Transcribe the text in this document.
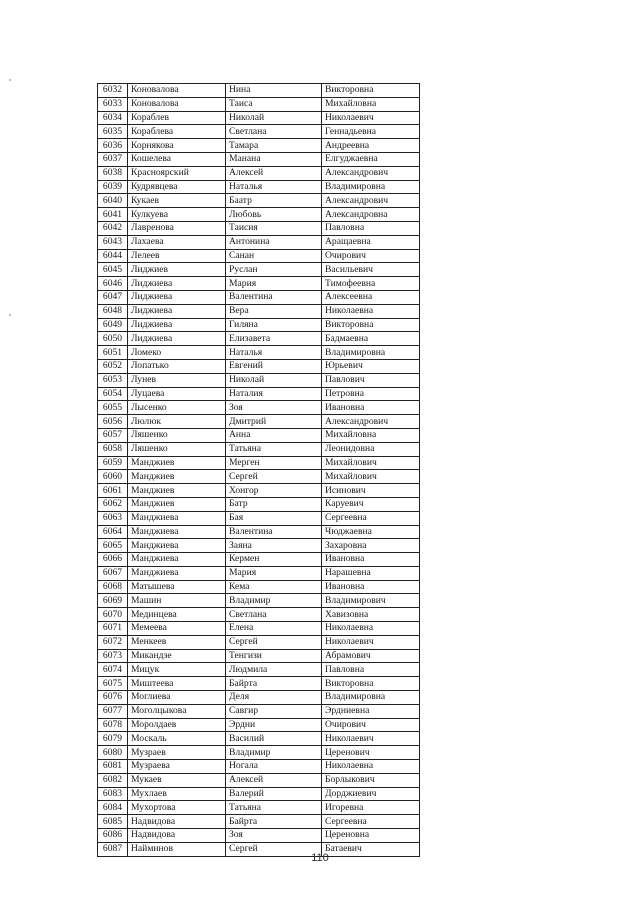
6032	Коновалова	Нина	Викторовна
6033	Коновалова	Таиса	Михайловна
6034	Кораблев	Николай	Николаевич
6035	Кораблева	Светлана	Геннадьевна
6036	Корнякова	Тамара	Андреевна
6037	Кошелева	Манана	Елгуджаевна
6038	Красноярский	Алексей	Александрович
6039	Кудрявцева	Наталья	Владимировна
6040	Кукаев	Баатр	Александрович
6041	Кулкуева	Любовь	Александровна
6042	Лавренова	Таисия	Павловна
6043	Лахаева	Антонина	Аращаевна
6044	Лелеев	Санан	Очирович
6045	Лиджиев	Руслан	Васильевич
6046	Лиджиева	Мария	Тимофеевна
6047	Лиджиева	Валентина	Алексеевна
6048	Лиджиева	Вера	Николаевна
6049	Лиджиева	Гиляна	Викторовна
6050	Лиджиева	Елизавета	Бадмаевна
6051	Ломеко	Наталья	Владимировна
6052	Лопатько	Евгений	Юрьевич
6053	Лунев	Николай	Павлович
6054	Луцаева	Наталия	Петровна
6055	Лысенко	Зоя	Ивановна
6056	Люлюк	Дмитрий	Александрович
6057	Ляшенко	Анна	Михайловна
6058	Ляшенко	Татьяна	Леонидовна
6059	Манджиев	Мерген	Михайлович
6060	Манджиев	Сергей	Михайлович
6061	Манджиев	Хонгор	Исинович
6062	Манджиев	Батр	Каруевич
6063	Манджиева	Бая	Сергеевна
6064	Манджиева	Валентина	Чюджаевна
6065	Манджиева	Заяна	Захаровна
6066	Манджиева	Кермен	Ивановна
6067	Манджиева	Мария	Нарашевна
6068	Матышева	Кема	Ивановна
6069	Машин	Владимир	Владимирович
6070	Мединцева	Светлана	Хавизовна
6071	Мемеева	Елена	Николаевна
6072	Менкеев	Сергей	Николаевич
6073	Микандзе	Тенгизи	Абрамович
6074	Мицук	Людмила	Павловна
6075	Миштеева	Байрта	Викторовна
6076	Моглиева	Деля	Владимировна
6077	Моголцыкова	Савгир	Эрдниевна
6078	Моролдаев	Эрдни	Очирович
6079	Москаль	Василий	Николаевич
6080	Музраев	Владимир	Церенович
6081	Музраева	Ногала	Николаевна
6082	Мукаев	Алексей	Борлыкович
6083	Мухлаев	Валерий	Дорджиевич
6084	Мухортова	Татьяна	Игоревна
6085	Надвидова	Байрта	Сергеевна
6086	Надвидова	Зоя	Цереновна
6087	Найминов	Сергей	Батаевич
110
